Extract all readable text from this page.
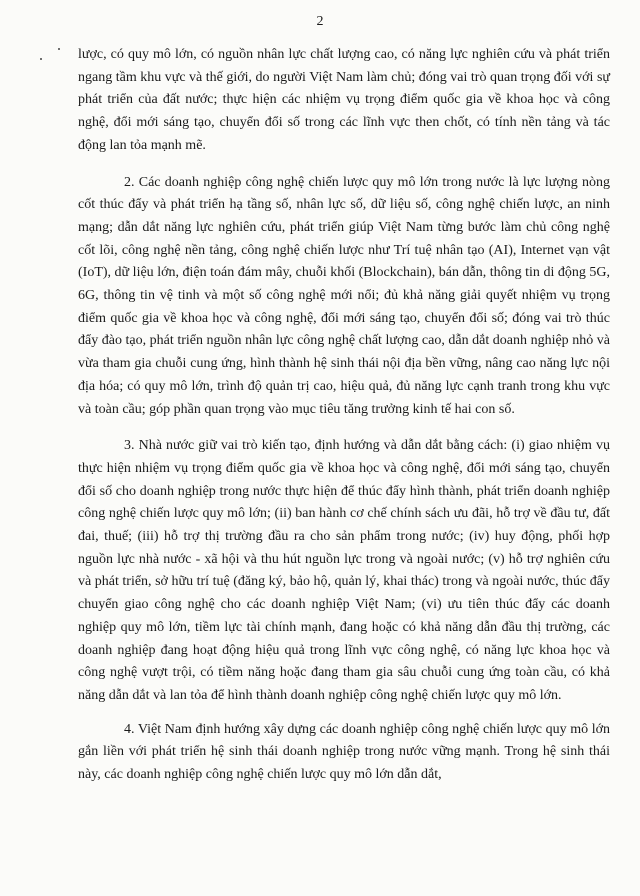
2

lược, có quy mô lớn, có nguồn nhân lực chất lượng cao, có năng lực nghiên cứu và phát triển ngang tầm khu vực và thế giới, do người Việt Nam làm chủ; đóng vai trò quan trọng đối với sự phát triển của đất nước; thực hiện các nhiệm vụ trọng điểm quốc gia về khoa học và công nghệ, đổi mới sáng tạo, chuyển đổi số trong các lĩnh vực then chốt, có tính nền tảng và tác động lan tỏa mạnh mẽ.

2. Các doanh nghiệp công nghệ chiến lược quy mô lớn trong nước là lực lượng nòng cốt thúc đẩy và phát triển hạ tầng số, nhân lực số, dữ liệu số, công nghệ chiến lược, an ninh mạng; dẫn dắt năng lực nghiên cứu, phát triển giúp Việt Nam từng bước làm chủ công nghệ cốt lõi, công nghệ nền tảng, công nghệ chiến lược như Trí tuệ nhân tạo (AI), Internet vạn vật (IoT), dữ liệu lớn, điện toán đám mây, chuỗi khối (Blockchain), bán dẫn, thông tin di động 5G, 6G, thông tin vệ tinh và một số công nghệ mới nổi; đủ khả năng giải quyết nhiệm vụ trọng điểm quốc gia về khoa học và công nghệ, đổi mới sáng tạo, chuyển đổi số; đóng vai trò thúc đẩy đào tạo, phát triển nguồn nhân lực công nghệ chất lượng cao, dẫn dắt doanh nghiệp nhỏ và vừa tham gia chuỗi cung ứng, hình thành hệ sinh thái nội địa bền vững, nâng cao năng lực nội địa hóa; có quy mô lớn, trình độ quản trị cao, hiệu quả, đủ năng lực cạnh tranh trong khu vực và toàn cầu; góp phần quan trọng vào mục tiêu tăng trưởng kinh tế hai con số.

3. Nhà nước giữ vai trò kiến tạo, định hướng và dẫn dắt bằng cách: (i) giao nhiệm vụ thực hiện nhiệm vụ trọng điểm quốc gia về khoa học và công nghệ, đổi mới sáng tạo, chuyển đổi số cho doanh nghiệp trong nước thực hiện để thúc đẩy hình thành, phát triển doanh nghiệp công nghệ chiến lược quy mô lớn; (ii) ban hành cơ chế chính sách ưu đãi, hỗ trợ về đầu tư, đất đai, thuế; (iii) hỗ trợ thị trường đầu ra cho sản phẩm trong nước; (iv) huy động, phối hợp nguồn lực nhà nước - xã hội và thu hút nguồn lực trong và ngoài nước; (v) hỗ trợ nghiên cứu và phát triển, sở hữu trí tuệ (đăng ký, bảo hộ, quản lý, khai thác) trong và ngoài nước, thúc đẩy chuyển giao công nghệ cho các doanh nghiệp Việt Nam; (vi) ưu tiên thúc đẩy các doanh nghiệp quy mô lớn, tiềm lực tài chính mạnh, đang hoặc có khả năng dẫn đầu thị trường, các doanh nghiệp đang hoạt động hiệu quả trong lĩnh vực công nghệ, có năng lực khoa học và công nghệ vượt trội, có tiềm năng hoặc đang tham gia sâu chuỗi cung ứng toàn cầu, có khả năng dẫn dắt và lan tỏa để hình thành doanh nghiệp công nghệ chiến lược quy mô lớn.

4. Việt Nam định hướng xây dựng các doanh nghiệp công nghệ chiến lược quy mô lớn gắn liền với phát triển hệ sinh thái doanh nghiệp trong nước vững mạnh. Trong hệ sinh thái này, các doanh nghiệp công nghệ chiến lược quy mô lớn dẫn dắt,
